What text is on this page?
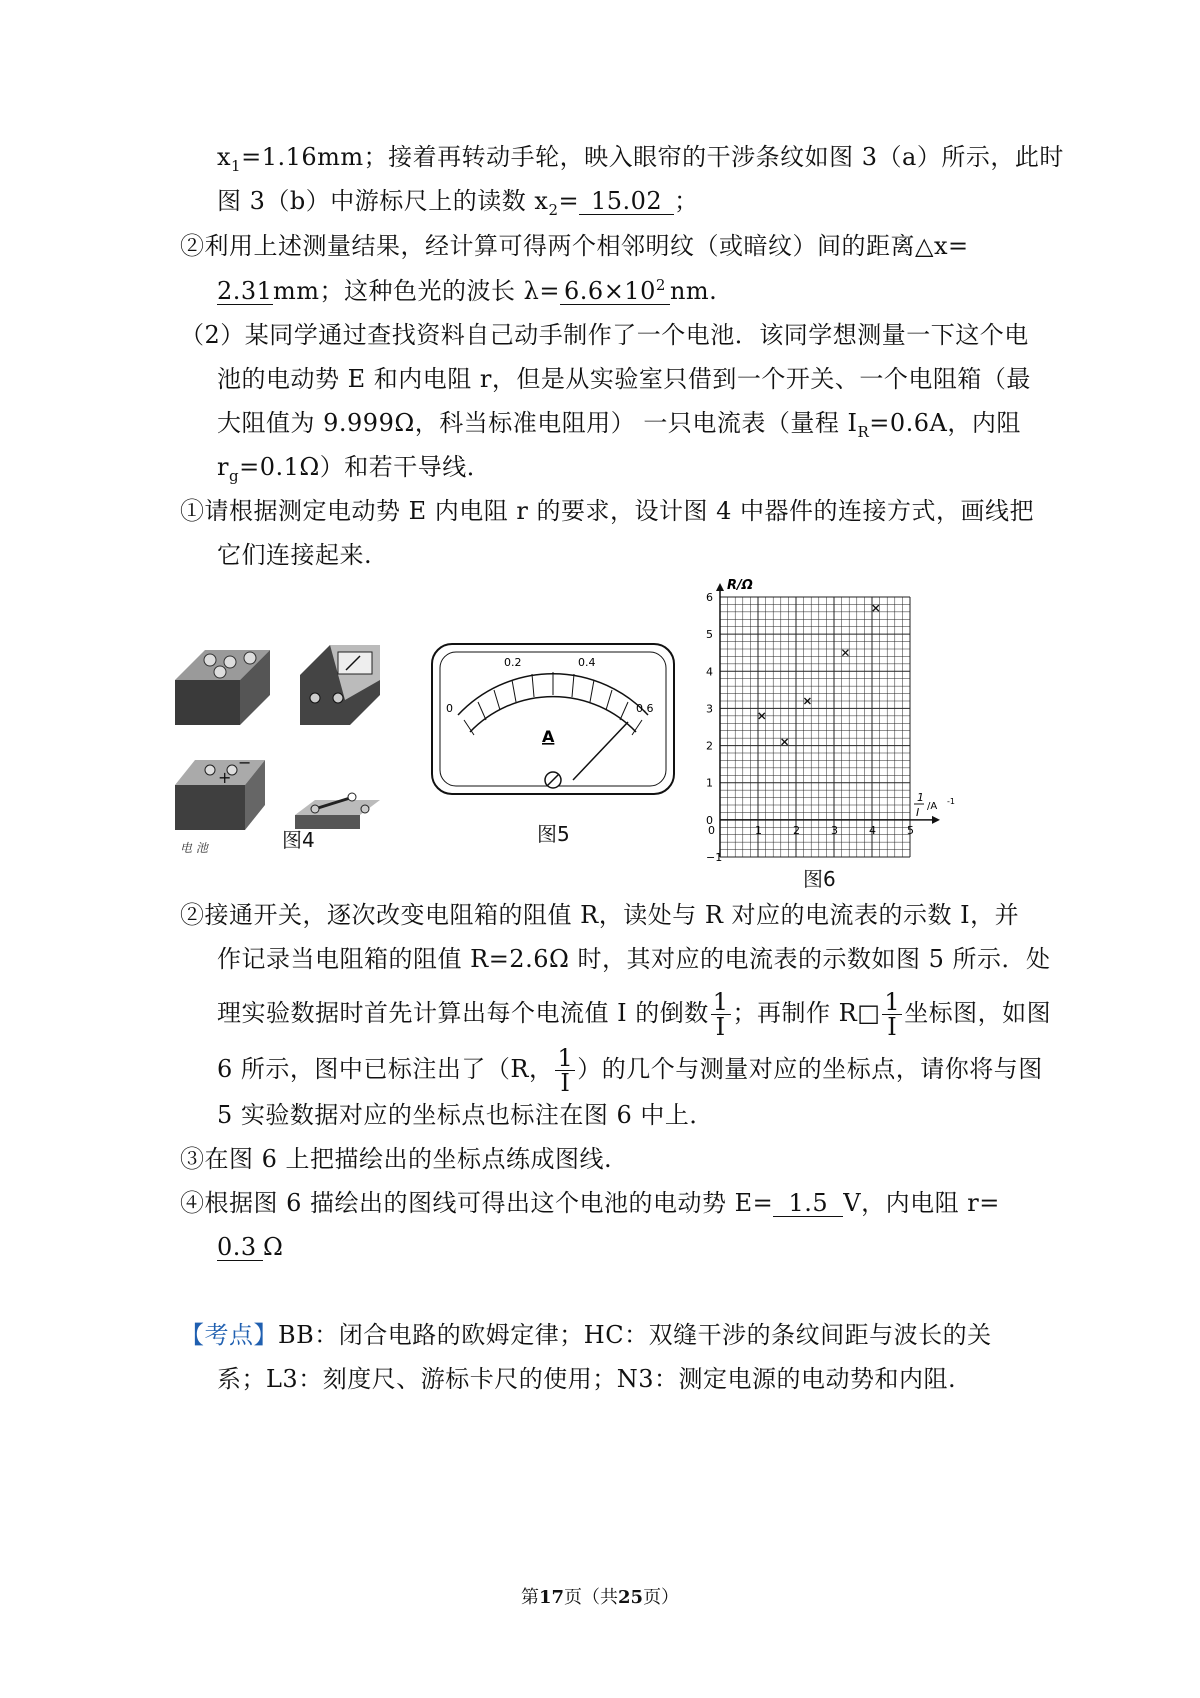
$x_1=1.16mm$；接着再转动手轮，映入眼帘的干涉条纹如图 3（a）所示，此时
图 3（b）中游标尺上的读数 $x_2= 15.02$ ；
②利用上述测量结果，经计算可得两个相邻明纹（或暗纹）间的距离△x=
2.31mm；这种色光的波长 $\lambda= 6.6\times 10^2$ nm.
（2）某同学通过查找资料自己动手制作了一个电池．该同学想测量一下这个电
池的电动势 E 和内电阻 r，但是从实验室只借到一个开关、一个电阻箱（最
大阻值为 9.999Ω，科当标准电阻用） 一只电流表（量程 $I_R=0.6A$，内阻
$r_g=0.1\Omega$）和若干导线．
①请根据测定电动势 E 内电阻 r 的要求，设计图 4 中器件的连接方式，画线把
它们连接起来.
+
−
电 池	图4
0
0.2	0.4
0.6
A
图5
−1
0
1
2
3
4
5
6
1	2	3	4	5
0
R/Ω
1
I /A -1
图6
②接通开关，逐次改变电阻箱的阻值 R，读处与 R 对应的电流表的示数 I，并
作记录当电阻箱的阻值 R=2.6Ω 时，其对应的电流表的示数如图 5 所示．处
理实验数据时首先计算出每个电流值 I 的倒数 $\frac{1}{I}$ ；再制作 R□ $\frac{1}{I}$ 坐标图，如图
6 所示，图中已标注出了（R， $\frac{1}{I}$ ）的几个与测量对应的坐标点，请你将与图
5 实验数据对应的坐标点也标注在图 6 中上．
③在图 6 上把描绘出的坐标点练成图线.
④根据图 6 描绘出的图线可得出这个电池的电动势 E= 1.5 V，内电阻 r=
0.3 Ω
【考点】BB：闭合电路的欧姆定律；HC：双缝干涉的条纹间距与波长的关
系；L3：刻度尺、游标卡尺的使用；N3：测定电源的电动势和内阻.
第17页（共25页）
